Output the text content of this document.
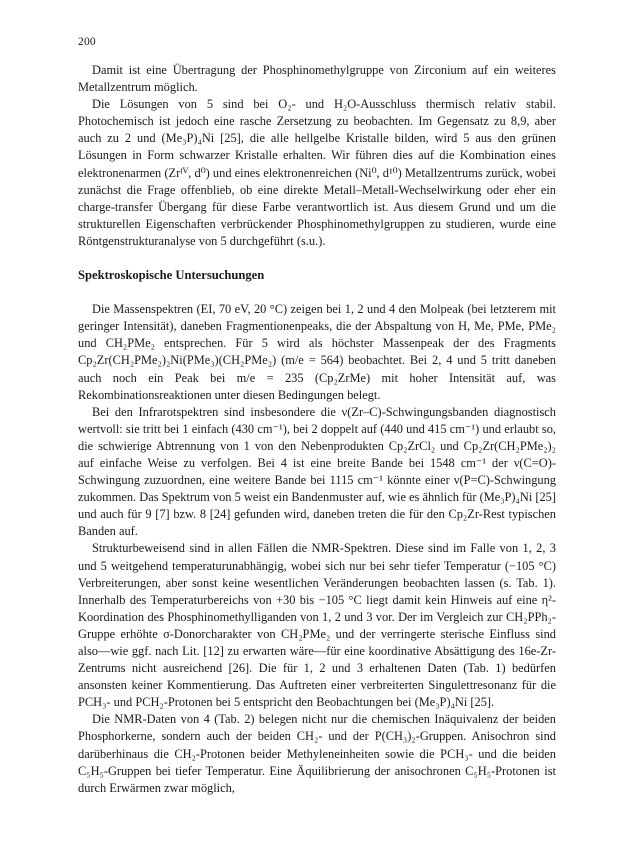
200

Damit ist eine Übertragung der Phosphinomethylgruppe von Zirconium auf ein weiteres Metallzentrum möglich.

Die Lösungen von 5 sind bei O₂- und H₂O-Ausschluss thermisch relativ stabil. Photochemisch ist jedoch eine rasche Zersetzung zu beobachten. Im Gegensatz zu 8,9, aber auch zu 2 und (Me₃P)₄Ni [25], die alle hellgelbe Kristalle bilden, wird 5 aus den grünen Lösungen in Form schwarzer Kristalle erhalten. Wir führen dies auf die Kombination eines elektronenarmen (Zrᴵⱽ, d⁰) und eines elektronenreichen (Ni⁰, d¹⁰) Metallzentrums zurück, wobei zunächst die Frage offenblieb, ob eine direkte Metall–Metall-Wechselwirkung oder eher ein charge-transfer Übergang für diese Farbe verantwortlich ist. Aus diesem Grund und um die strukturellen Eigenschaften verbrückender Phosphinomethylgruppen zu studieren, wurde eine Röntgenstrukturanalyse von 5 durchgeführt (s.u.).

Spektroskopische Untersuchungen

Die Massenspektren (EI, 70 eV, 20 °C) zeigen bei 1, 2 und 4 den Molpeak (bei letzterem mit geringer Intensität), daneben Fragmentionenpeaks, die der Abspaltung von H, Me, PMe, PMe₂ und CH₂PMe₂ entsprechen. Für 5 wird als höchster Massenpeak der des Fragments Cp₂Zr(CH₂PMe₂)₂Ni(PMe₃)(CH₂PMe₂) (m/e = 564) beobachtet. Bei 2, 4 und 5 tritt daneben auch noch ein Peak bei m/e = 235 (Cp₂ZrMe) mit hoher Intensität auf, was Rekombinationsreaktionen unter diesen Bedingungen belegt.

Bei den Infrarotspektren sind insbesondere die ν(Zr–C)-Schwingungsbanden diagnostisch wertvoll: sie tritt bei 1 einfach (430 cm⁻¹), bei 2 doppelt auf (440 und 415 cm⁻¹) und erlaubt so, die schwierige Abtrennung von 1 von den Nebenprodukten Cp₂ZrCl₂ und Cp₂Zr(CH₂PMe₂)₂ auf einfache Weise zu verfolgen. Bei 4 ist eine breite Bande bei 1548 cm⁻¹ der ν(C=O)-Schwingung zuzuordnen, eine weitere Bande bei 1115 cm⁻¹ könnte einer ν(P=C)-Schwingung zukommen. Das Spektrum von 5 weist ein Bandenmuster auf, wie es ähnlich für (Me₃P)₄Ni [25] und auch für 9 [7] bzw. 8 [24] gefunden wird, daneben treten die für den Cp₂Zr-Rest typischen Banden auf.

Strukturbeweisend sind in allen Fällen die NMR-Spektren. Diese sind im Falle von 1, 2, 3 und 5 weitgehend temperaturunabhängig, wobei sich nur bei sehr tiefer Temperatur (−105 °C) Verbreiterungen, aber sonst keine wesentlichen Veränderungen beobachten lassen (s. Tab. 1). Innerhalb des Temperaturbereichs von +30 bis −105 °C liegt damit kein Hinweis auf eine η²-Koordination des Phosphinomethylliganden von 1, 2 und 3 vor. Der im Vergleich zur CH₂PPh₂-Gruppe erhöhte σ-Donorcharakter von CH₂PMe₂ und der verringerte sterische Einfluss sind also—wie ggf. nach Lit. [12] zu erwarten wäre—für eine koordinative Absättigung des 16e-Zr-Zentrums nicht ausreichend [26]. Die für 1, 2 und 3 erhaltenen Daten (Tab. 1) bedürfen ansonsten keiner Kommentierung. Das Auftreten einer verbreiterten Singulettresonanz für die PCH₃- und PCH₂-Protonen bei 5 entspricht den Beobachtungen bei (Me₃P)₄Ni [25].

Die NMR-Daten von 4 (Tab. 2) belegen nicht nur die chemischen Inäquivalenz der beiden Phosphorkerne, sondern auch der beiden CH₂- und der P(CH₃)₂-Gruppen. Anisochron sind darüberhinaus die CH₂-Protonen beider Methyleneinheiten sowie die PCH₃- und die beiden C₅H₅-Gruppen bei tiefer Temperatur. Eine Äquilibrierung der anisochronen C₅H₅-Protonen ist durch Erwärmen zwar möglich,
